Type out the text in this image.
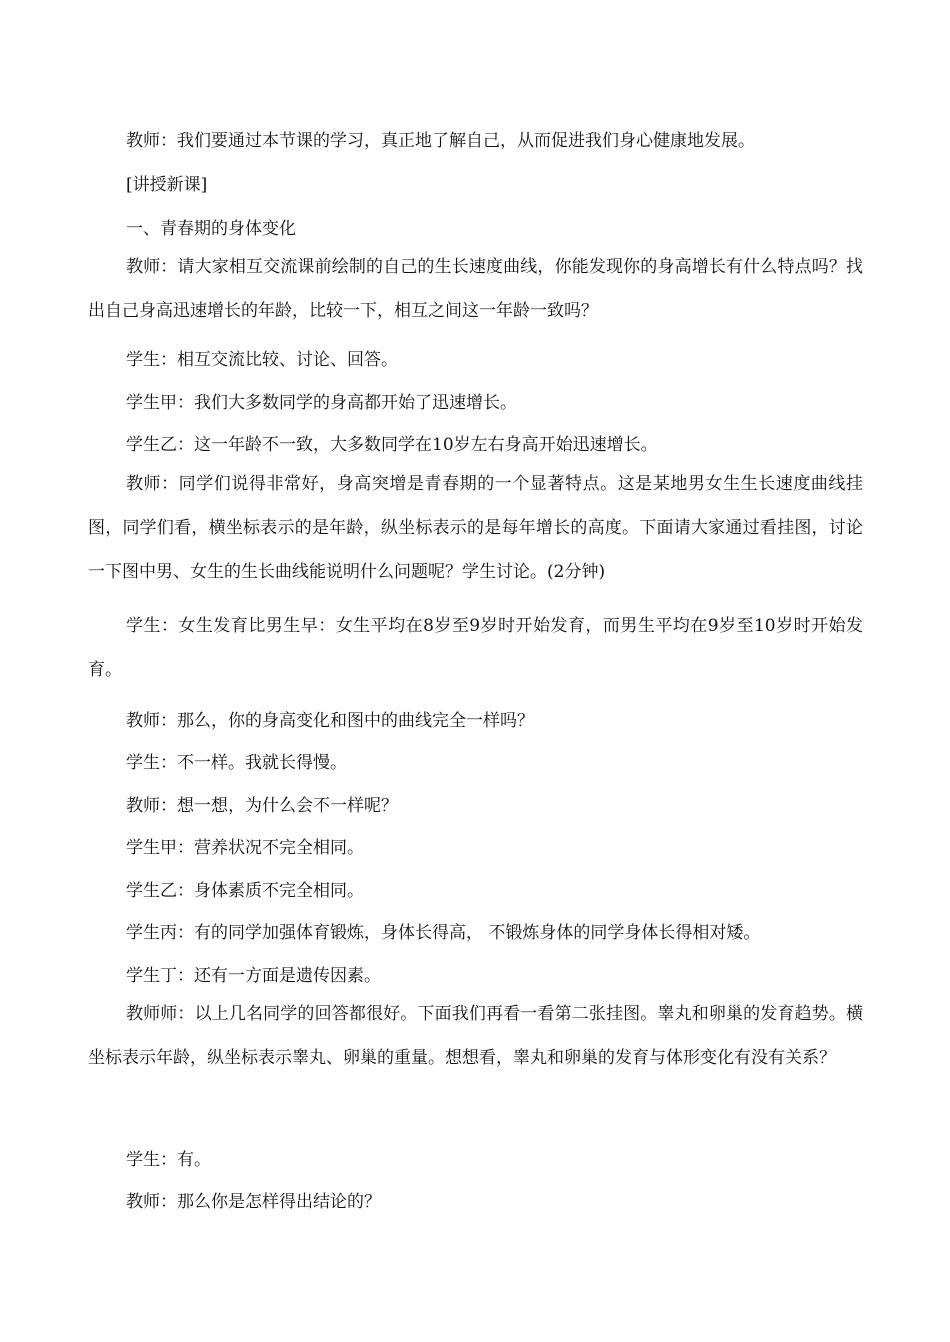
教师：我们要通过本节课的学习，真正地了解自己，从而促进我们身心健康地发展。
[讲授新课]
一、青春期的身体变化
教师：请大家相互交流课前绘制的自己的生长速度曲线，你能发现你的身高增长有什么特点吗？找出自己身高迅速增长的年龄，比较一下，相互之间这一年龄一致吗？
学生：相互交流比较、讨论、回答。
学生甲：我们大多数同学的身高都开始了迅速增长。
学生乙：这一年龄不一致，大多数同学在10岁左右身高开始迅速增长。
教师：同学们说得非常好，身高突增是青春期的一个显著特点。这是某地男女生生长速度曲线挂图，同学们看，横坐标表示的是年龄，纵坐标表示的是每年增长的高度。下面请大家通过看挂图，讨论一下图中男、女生的生长曲线能说明什么问题呢？学生讨论。(2分钟)
学生：女生发育比男生早：女生平均在8岁至9岁时开始发育，而男生平均在9岁至10岁时开始发育。
教师：那么，你的身高变化和图中的曲线完全一样吗？
学生：不一样。我就长得慢。
教师：想一想，为什么会不一样呢？
学生甲：营养状况不完全相同。
学生乙：身体素质不完全相同。
学生丙：有的同学加强体育锻炼，身体长得高， 不锻炼身体的同学身体长得相对矮。
学生丁：还有一方面是遗传因素。
教师师：以上几名同学的回答都很好。下面我们再看一看第二张挂图。睾丸和卵巢的发育趋势。横坐标表示年龄，纵坐标表示睾丸、卵巢的重量。想想看，睾丸和卵巢的发育与体形变化有没有关系？
学生：有。
教师：那么你是怎样得出结论的？
